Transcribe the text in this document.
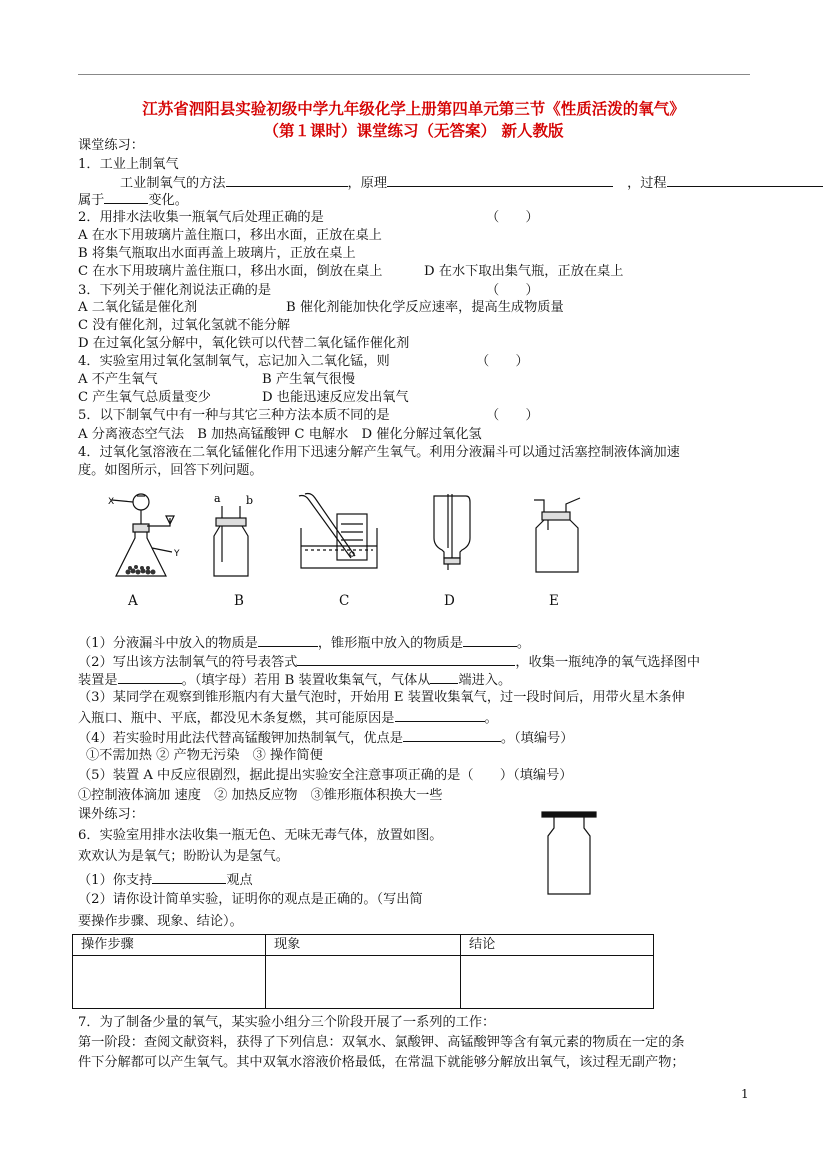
江苏省泗阳县实验初级中学九年级化学上册第四单元第三节《性质活泼的氧气》
（第１课时）课堂练习（无答案） 新人教版
课堂练习：
1．工业上制氧气
工业制氧气的方法	，原理	，过程
属于	变化。
2．用排水法收集一瓶氧气后处理正确的是	（　　）
A 在水下用玻璃片盖住瓶口，移出水面，正放在桌上
B 将集气瓶取出水面再盖上玻璃片，正放在桌上
C 在水下用玻璃片盖住瓶口，移出水面，倒放在桌上	D 在水下取出集气瓶，正放在桌上
3．下列关于催化剂说法正确的是	（　　）
A 二氧化锰是催化剂	B 催化剂能加快化学反应速率，提高生成物质量
C 没有催化剂，过氧化氢就不能分解
D 在过氧化氢分解中，氧化铁可以代替二氧化锰作催化剂
4．实验室用过氧化氢制氧气，忘记加入二氧化锰，则	（　　）
A 不产生氧气	B 产生氧气很慢
C 产生氧气总质量变少	D 也能迅速反应发出氧气
5．以下制氧气中有一种与其它三种方法本质不同的是	（　　）
A 分离液态空气法　B 加热高锰酸钾 C 电解水　D 催化分解过氧化氢
4．过氧化氢溶液在二氧化锰催化作用下迅速分解产生氧气。利用分液漏斗可以通过活塞控制液体滴加速
度。如图所示，回答下列问题。
X
Y
a b
A	B	C	D	E
（1）分液漏斗中放入的物质是	，锥形瓶中放入的物质是	。
（2）写出该方法制氧气的符号表答式	，收集一瓶纯净的氧气选择图中
装置是	。（填字母）若用 B 装置收集氧气，气体从 端进入。
（3）某同学在观察到锥形瓶内有大量气泡时，开始用 E 装置收集氧气，过一段时间后，用带火星木条伸
入瓶口、瓶中、平底，都没见木条复燃，其可能原因是	。
（4）若实验时用此法代替高锰酸钾加热制氧气，优点是	。（填编号）
①不需加热 ② 产物无污染　③ 操作简便
（5）装置 A 中反应很剧烈，据此提出实验安全注意事项正确的是（　　）（填编号）
①控制液体滴加 速度　② 加热反应物　③锥形瓶体积换大一些
课外练习：
6．实验室用排水法收集一瓶无色、无味无毒气体，放置如图。
欢欢认为是氧气；盼盼认为是氢气。
（1）你支持	观点
（2）请你设计简单实验，证明你的观点是正确的。（写出简
要操作步骤、现象、结论）。
操作步骤	现象	结论

7．为了制备少量的氧气，某实验小组分三个阶段开展了一系列的工作：
第一阶段：查阅文献资料，获得了下列信息：双氧水、氯酸钾、高锰酸钾等含有氧元素的物质在一定的条
件下分解都可以产生氧气。其中双氧水溶液价格最低，在常温下就能够分解放出氧气，该过程无副产物；
1
